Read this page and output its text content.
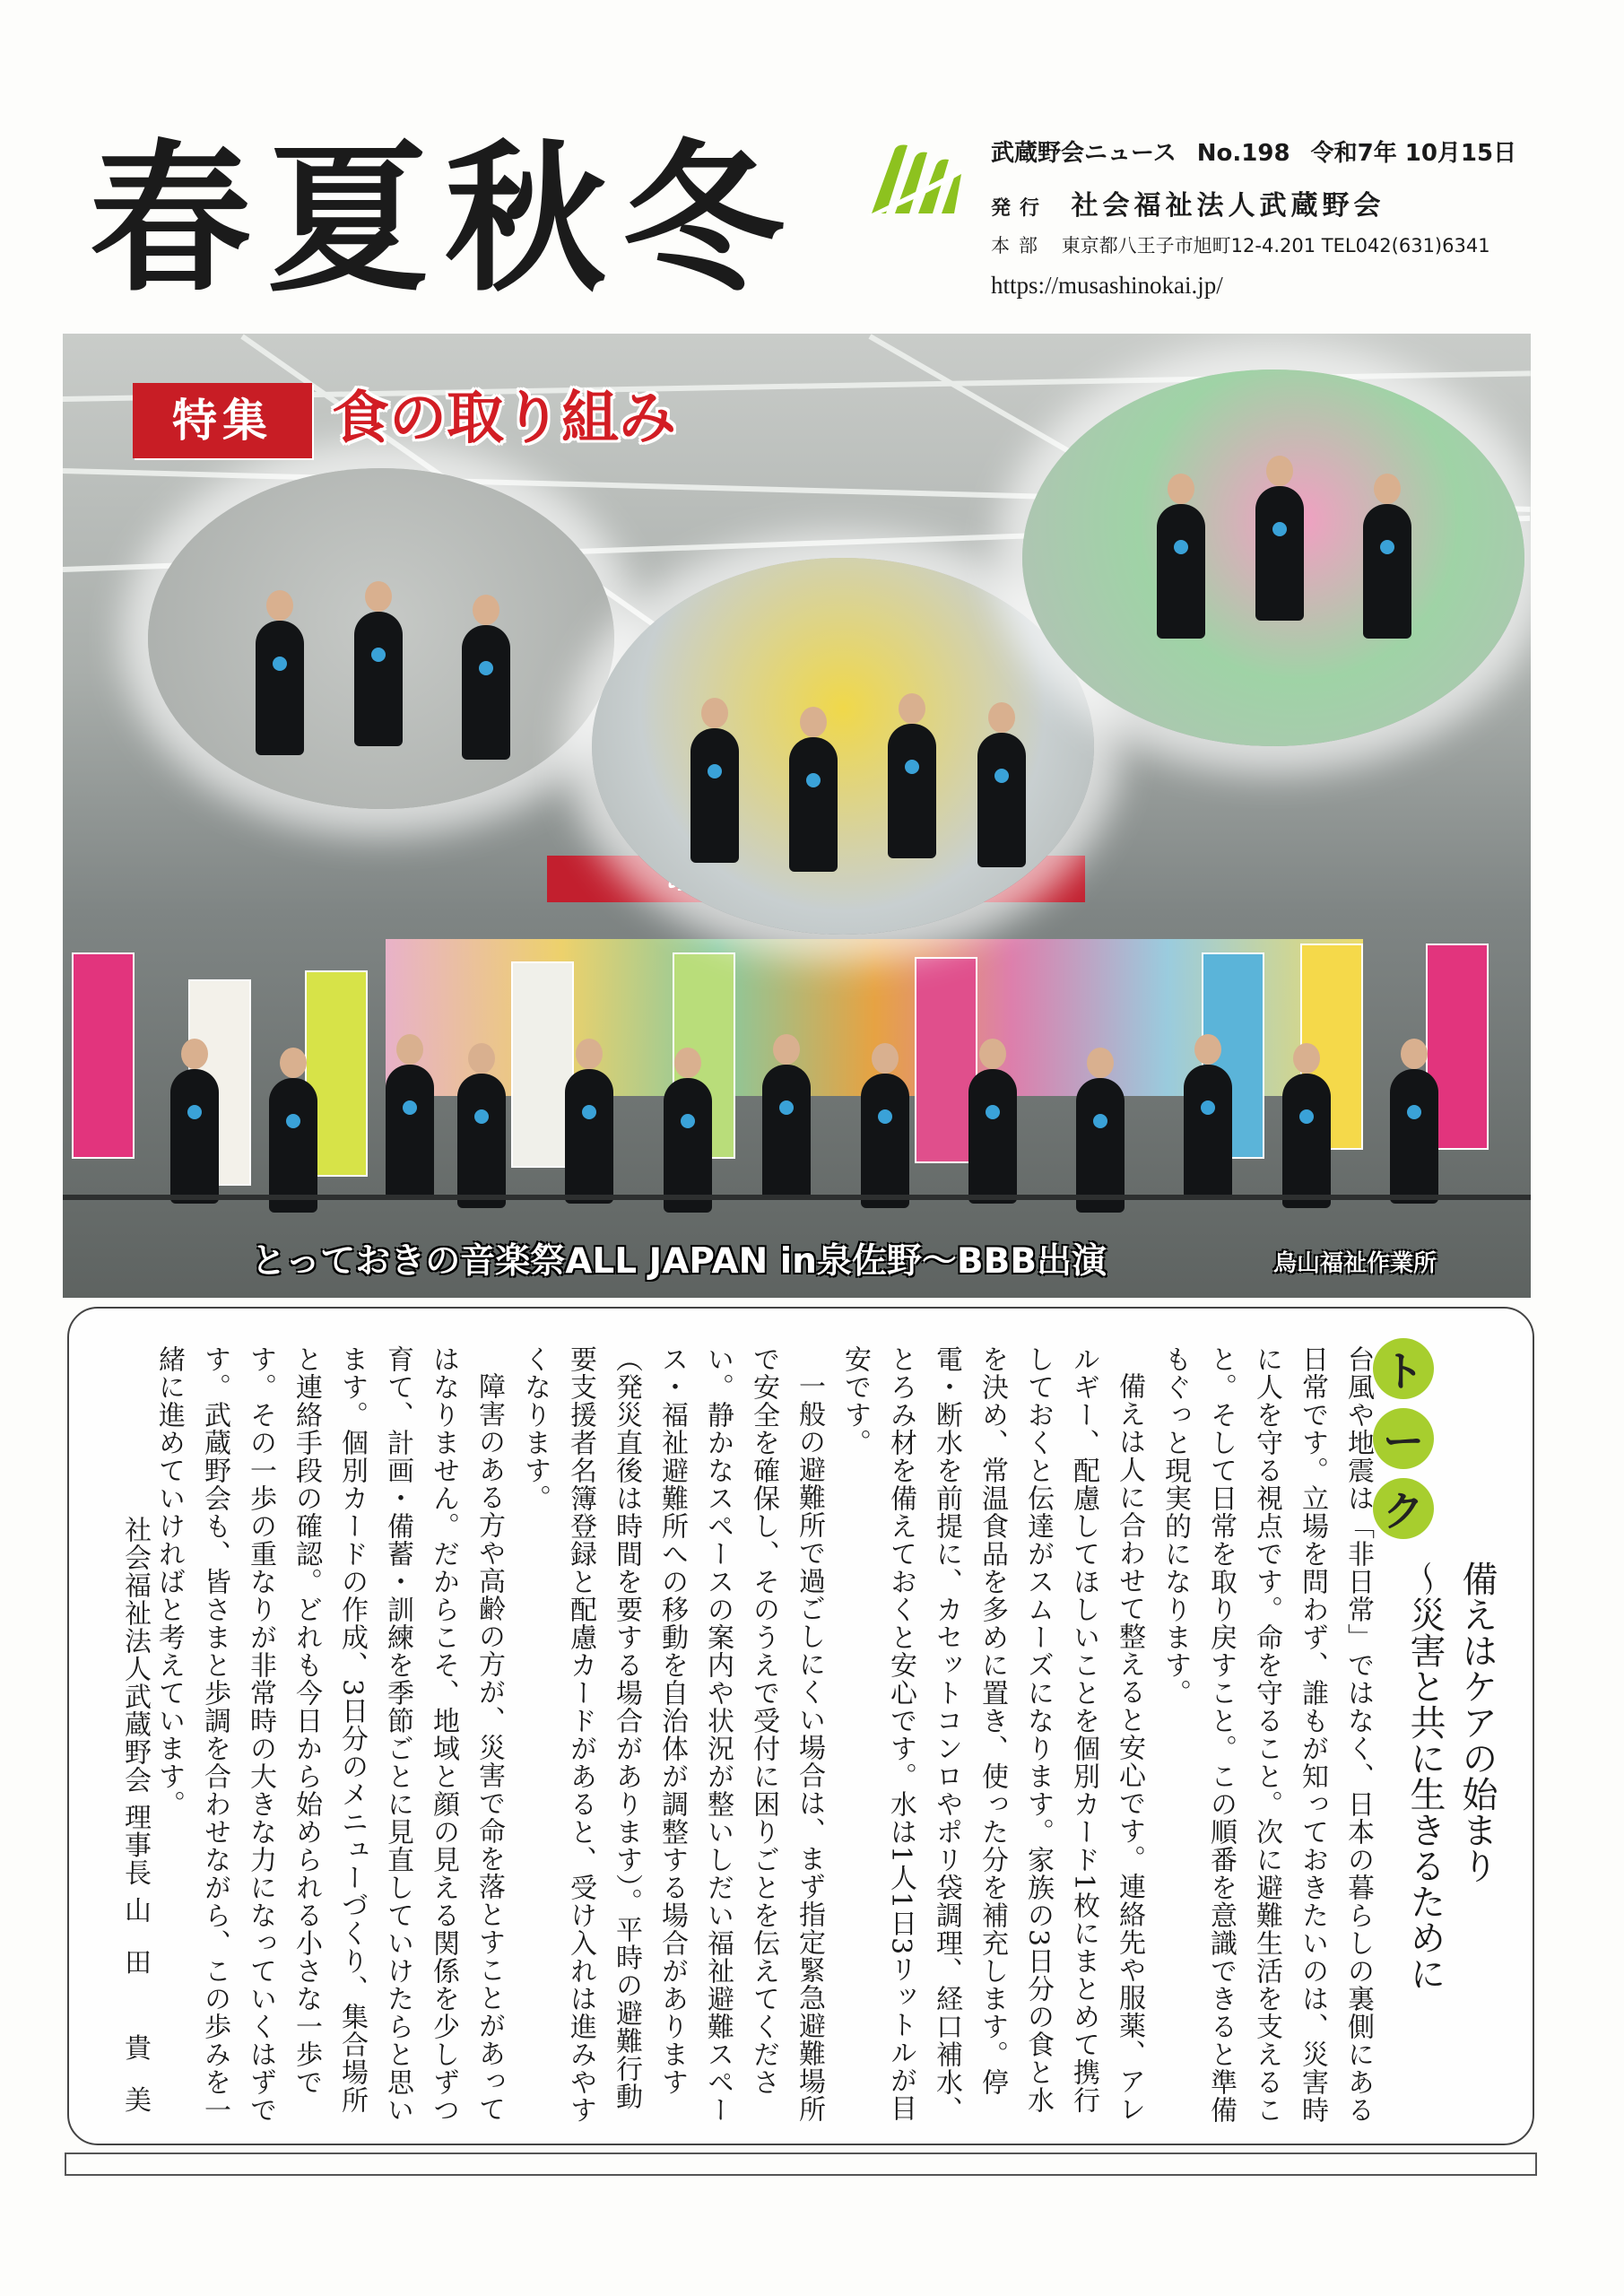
春夏秋冬	武蔵野会ニュース No.198 令和7年 10月15日
発行 社会福祉法人武蔵野会
本部 東京都八王子市旭町12-4.201 TEL042(631)6341
https://musashinokai.jp/
特集	食の取り組み
とっておきの音楽祭ALL JAPAN in泉佐野～BBB出演	烏山福祉作業所
ト
ー
ク
備えはケアの始まり
～災害と共に生きるために

台風や地震は「非日常」ではなく、日本の暮らしの裏側にある日常です。立場を問わず、誰もが知っておきたいのは、災害時に人を守る視点です。命を守ること。次に避難生活を支えること。そして日常を取り戻すこと。この順番を意識できると準備もぐっと現実的になります。

備えは人に合わせて整えると安心です。連絡先や服薬、アレルギー、配慮してほしいことを個別カード1枚にまとめて携行しておくと伝達がスムーズになります。家族の3日分の食と水を決め、常温食品を多めに置き、使った分を補充します。停電・断水を前提に、カセットコンロやポリ袋調理、経口補水、とろみ材を備えておくと安心です。水は1人1日3リットルが目安です。

一般の避難所で過ごしにくい場合は、まず指定緊急避難場所で安全を確保し、そのうえで受付に困りごとを伝えてください。静かなスペースの案内や状況が整いしだい福祉避難スペース・福祉避難所への移動を自治体が調整する場合があります（発災直後は時間を要する場合があります）。平時の避難行動要支援者名簿登録と配慮カードがあると、受け入れは進みやすくなります。

障害のある方や高齢の方が、災害で命を落とすことがあってはなりません。だからこそ、地域と顔の見える関係を少しずつ育て、計画・備蓄・訓練を季節ごとに見直していけたらと思います。個別カードの作成、3日分のメニューづくり、集合場所と連絡手段の確認。どれも今日から始められる小さな一歩です。その一歩の重なりが非常時の大きな力になっていくはずです。武蔵野会も、皆さまと歩調を合わせながら、この歩みを一緒に進めていければと考えています。

社会福祉法人武蔵野会 理事長 山田 貴美
